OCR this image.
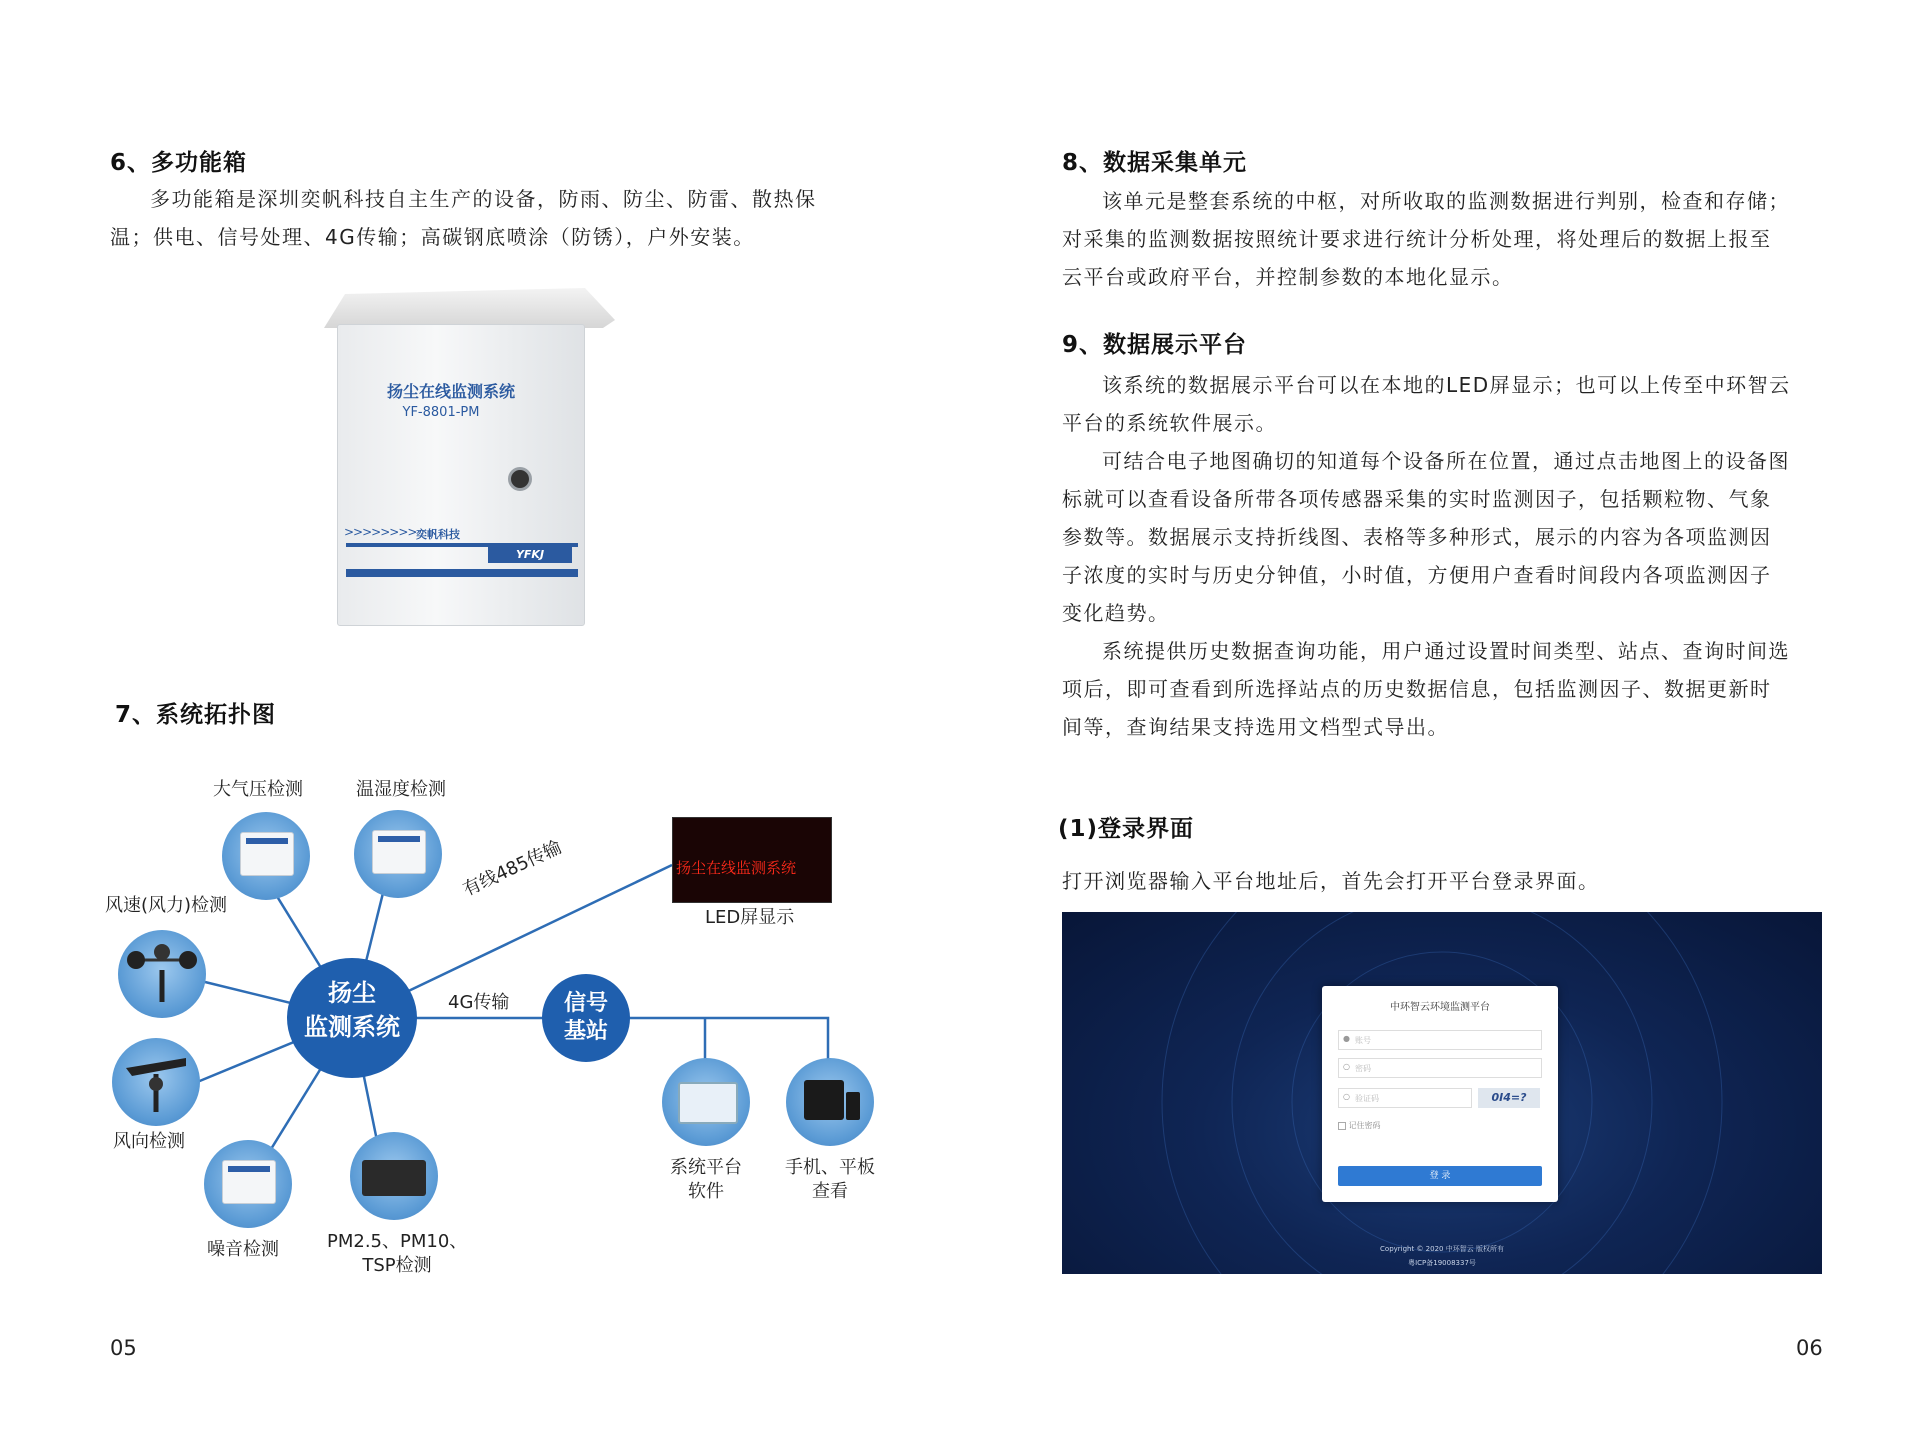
6、多功能箱
多功能箱是深圳奕帆科技自主生产的设备，防雨、防尘、防雷、散热保
温；供电、信号处理、4G传输；高碳钢底喷涂（防锈），户外安装。
扬尘在线监测系统
YF-8801-PM
>>>>>>>> 奕帆科技
YFKJ
7、系统拓扑图
扬尘
监测系统
信号
基站
有线485传输
4G传输

扬尘在线监测系统

LED屏显示
大气压检测	温湿度检测
风速(风力)检测
风向检测
噪音检测	PM2.5、PM10、
TSP检测
系统平台
软件
手机、平板
查看
05
8、数据采集单元
该单元是整套系统的中枢，对所收取的监测数据进行判别，检查和存储；
对采集的监测数据按照统计要求进行统计分析处理，将处理后的数据上报至
云平台或政府平台，并控制参数的本地化显示。
9、数据展示平台
该系统的数据展示平台可以在本地的LED屏显示；也可以上传至中环智云
平台的系统软件展示。
可结合电子地图确切的知道每个设备所在位置，通过点击地图上的设备图
标就可以查看设备所带各项传感器采集的实时监测因子，包括颗粒物、气象
参数等。数据展示支持折线图、表格等多种形式，展示的内容为各项监测因
子浓度的实时与历史分钟值，小时值，方便用户查看时间段内各项监测因子
变化趋势。
系统提供历史数据查询功能，用户通过设置时间类型、站点、查询时间选
项后，即可查看到所选择站点的历史数据信息，包括监测因子、数据更新时
间等，查询结果支持选用文档型式导出。
(1)登录界面
打开浏览器输入平台地址后，首先会打开平台登录界面。
中环智云环境监测平台
● 账号
○ 密码
○ 验证码	0I4=?
记住密码
登 录
Copyright © 2020 中环智云 版权所有
粤ICP备19008337号
06
